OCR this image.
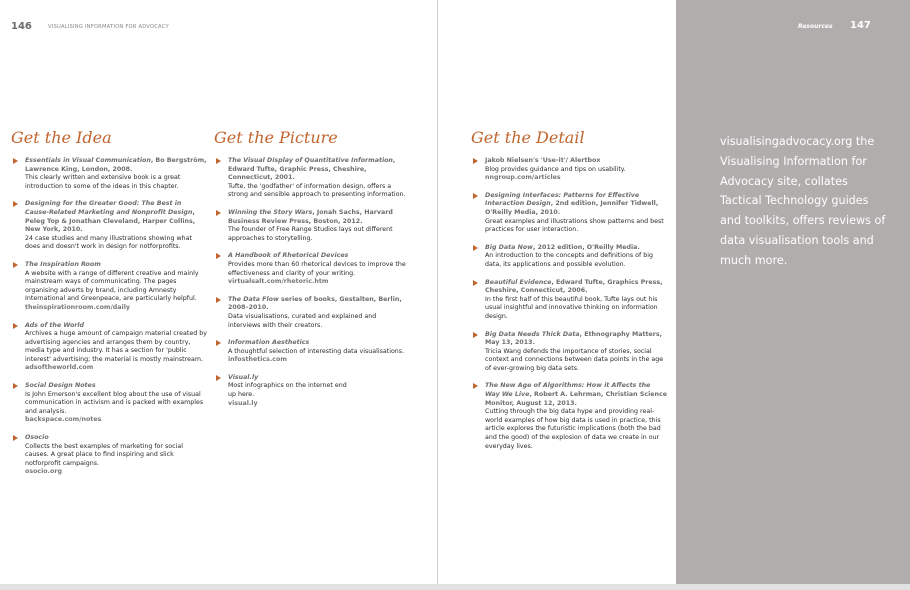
146	VISUALISING INFORMATION FOR ADVOCACY	Resources 147
Get the Idea
Essentials in Visual Communication, Bo Bergström, Lawrence King, London, 2008.
This clearly written and extensive book is a great introduction to some of the ideas in this chapter.
Designing for the Greater Good: The Best in Cause-Related Marketing and Nonprofit Design, Peleg Top & Jonathan Cleveland, Harper Collins, New York, 2010.
24 case studies and many illustrations showing what does and doesn't work in design for notforprofits.
The Inspiration Room
A website with a range of different creative and mainly mainstream ways of communicating. The pages organising adverts by brand, including Amnesty International and Greenpeace, are particularly helpful.
theinspirationroom.com/daily
Ads of the World
Archives a huge amount of campaign material created by advertising agencies and arranges them by country, media type and industry. It has a section for 'public interest' advertising; the material is mostly mainstream.
adsoftheworld.com
Social Design Notes
Is John Emerson's excellent blog about the use of visual communication in activism and is packed with examples and analysis.
backspace.com/notes
Osocio
Collects the best examples of marketing for social causes. A great place to find inspiring and slick notforprofit campaigns.
osocio.org
Get the Picture
The Visual Display of Quantitative Information, Edward Tufte, Graphic Press, Cheshire, Connecticut, 2001.
Tufte, the 'godfather' of information design, offers a strong and sensible approach to presenting information.
Winning the Story Wars, Jonah Sachs, Harvard Business Review Press, Boston, 2012.
The founder of Free Range Studios lays out different approaches to storytelling.
A Handbook of Rhetorical Devices
Provides more than 60 rhetorical devices to improve the effectiveness and clarity of your writing.
virtualsalt.com/rhetoric.htm
The Data Flow series of books, Gestalten, Berlin, 2008–2010.
Data visualisations, curated and explained and interviews with their creators.
Information Aesthetics
A thoughtful selection of interesting data visualisations.
infosthetics.com
Visual.ly
Most infographics on the internet end up here.
visual.ly
Get the Detail
Jakob Nielsen's 'Use-it'/ Alertbox
Blog provides guidance and tips on usability.
nngroup.com/articles
Designing Interfaces: Patterns for Effective Interaction Design, 2nd edition, Jennifer Tidwell, O'Reilly Media, 2010.
Great examples and illustrations show patterns and best practices for user interaction.
Big Data Now, 2012 edition, O'Reilly Media.
An introduction to the concepts and definitions of big data, its applications and possible evolution.
Beautiful Evidence, Edward Tufte, Graphics Press, Cheshire, Connecticut, 2006.
In the first half of this beautiful book, Tufte lays out his usual insightful and innovative thinking on information design.
Big Data Needs Thick Data, Ethnography Matters, May 13, 2013.
Tricia Wang defends the importance of stories, social context and connections between data points in the age of ever-growing big data sets.
The New Age of Algorithms: How it Affects the Way We Live, Robert A. Lehrman, Christian Science Monitor, August 12, 2013.
Cutting through the big data hype and providing real-world examples of how big data is used in practice, this article explores the futuristic implications (both the bad and the good) of the explosion of data we create in our everyday lives.
visualisingadvocacy.org the Visualising Information for Advocacy site, collates Tactical Technology guides and toolkits, offers reviews of data visualisation tools and much more.
